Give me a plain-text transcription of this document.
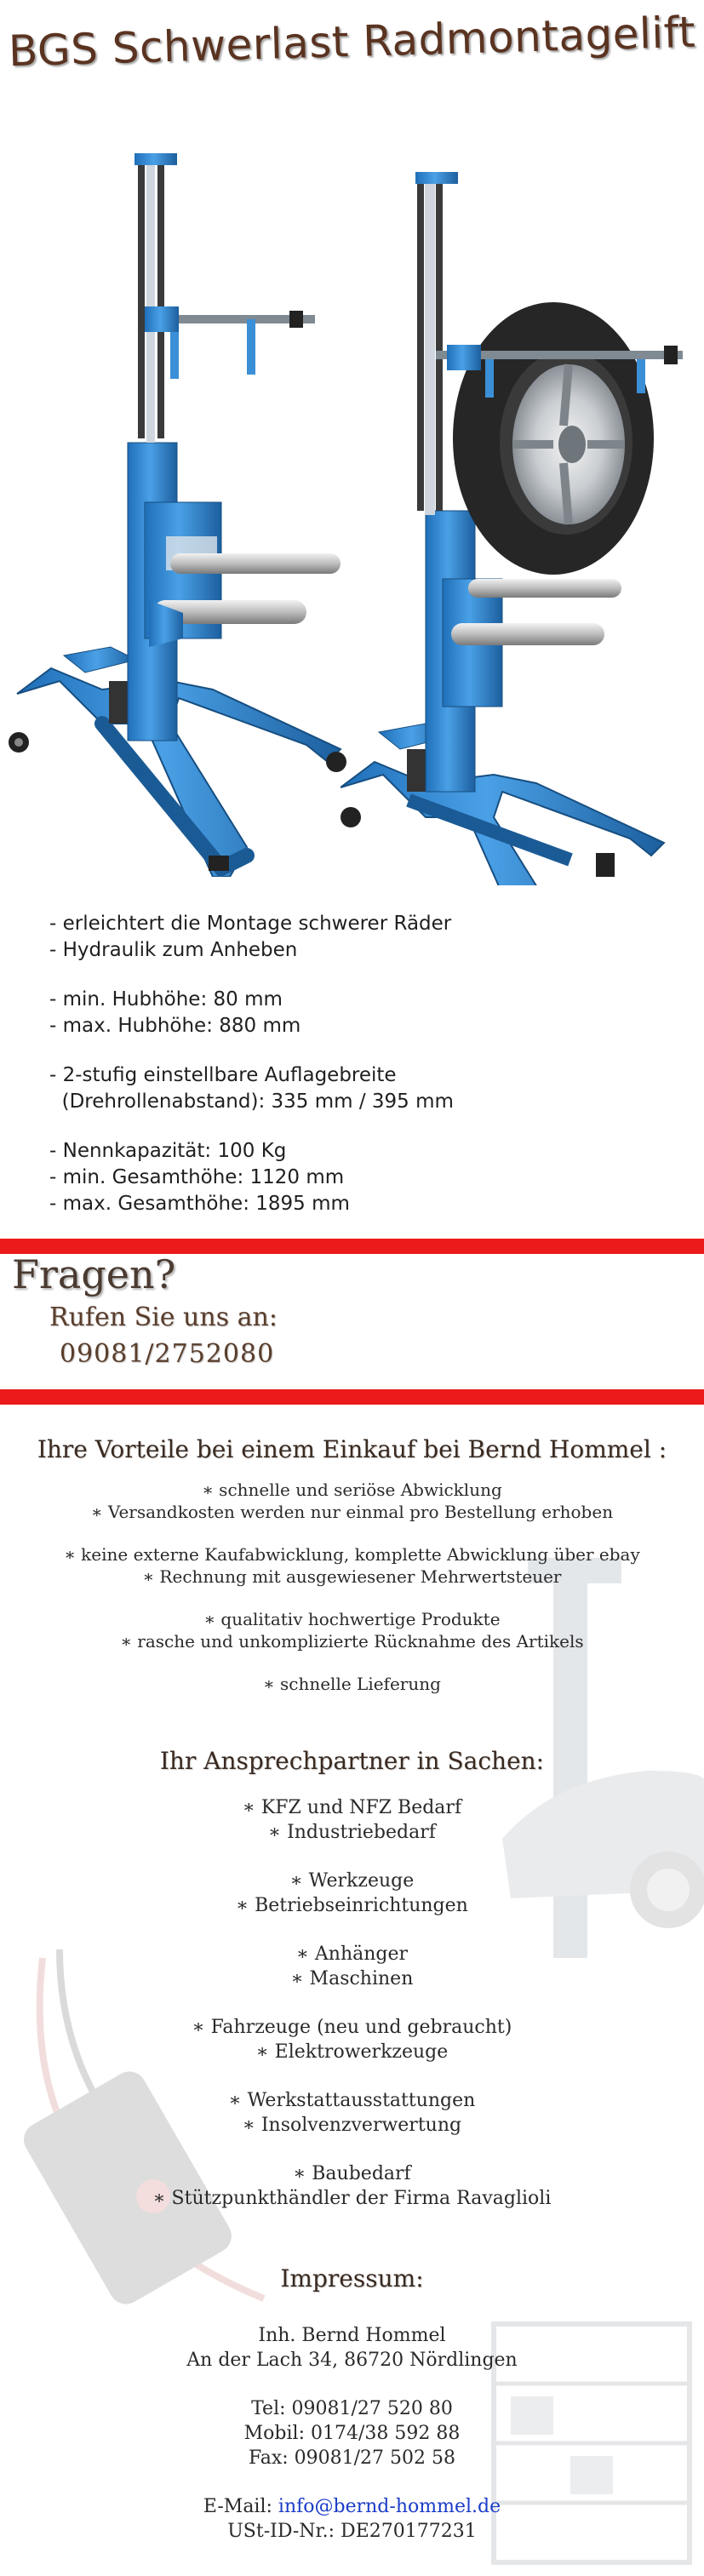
BGS Schwerlast Radmontagelift
- erleichtert die Montage schwerer Räder
- Hydraulik zum Anheben
- min. Hubhöhe: 80 mm
- max. Hubhöhe: 880 mm
- 2-stufig einstellbare Auflagebreite
(Drehrollenabstand): 335 mm / 395 mm
- Nennkapazität: 100 Kg
- min. Gesamthöhe: 1120 mm
- max. Gesamthöhe: 1895 mm
Fragen?
Rufen Sie uns an:
09081/2752080
Ihre Vorteile bei einem Einkauf bei Bernd Hommel :
∗ schnelle und seriöse Abwicklung
∗ Versandkosten werden nur einmal pro Bestellung erhoben
∗ keine externe Kaufabwicklung, komplette Abwicklung über ebay
∗ Rechnung mit ausgewiesener Mehrwertsteuer
∗ qualitativ hochwertige Produkte
∗ rasche und unkomplizierte Rücknahme des Artikels
∗ schnelle Lieferung
Ihr Ansprechpartner in Sachen:
∗ KFZ und NFZ Bedarf
∗ Industriebedarf
∗ Werkzeuge
∗ Betriebseinrichtungen
∗ Anhänger
∗ Maschinen
∗ Fahrzeuge (neu und gebraucht)
∗ Elektrowerkzeuge
∗ Werkstattausstattungen
∗ Insolvenzverwertung
∗ Baubedarf
∗ Stützpunkthändler der Firma Ravaglioli
Impressum:
Inh. Bernd Hommel
An der Lach 34, 86720 Nördlingen
Tel: 09081/27 520 80
Mobil: 0174/38 592 88
Fax: 09081/27 502 58
E-Mail: info@bernd-hommel.de
USt-ID-Nr.: DE270177231
